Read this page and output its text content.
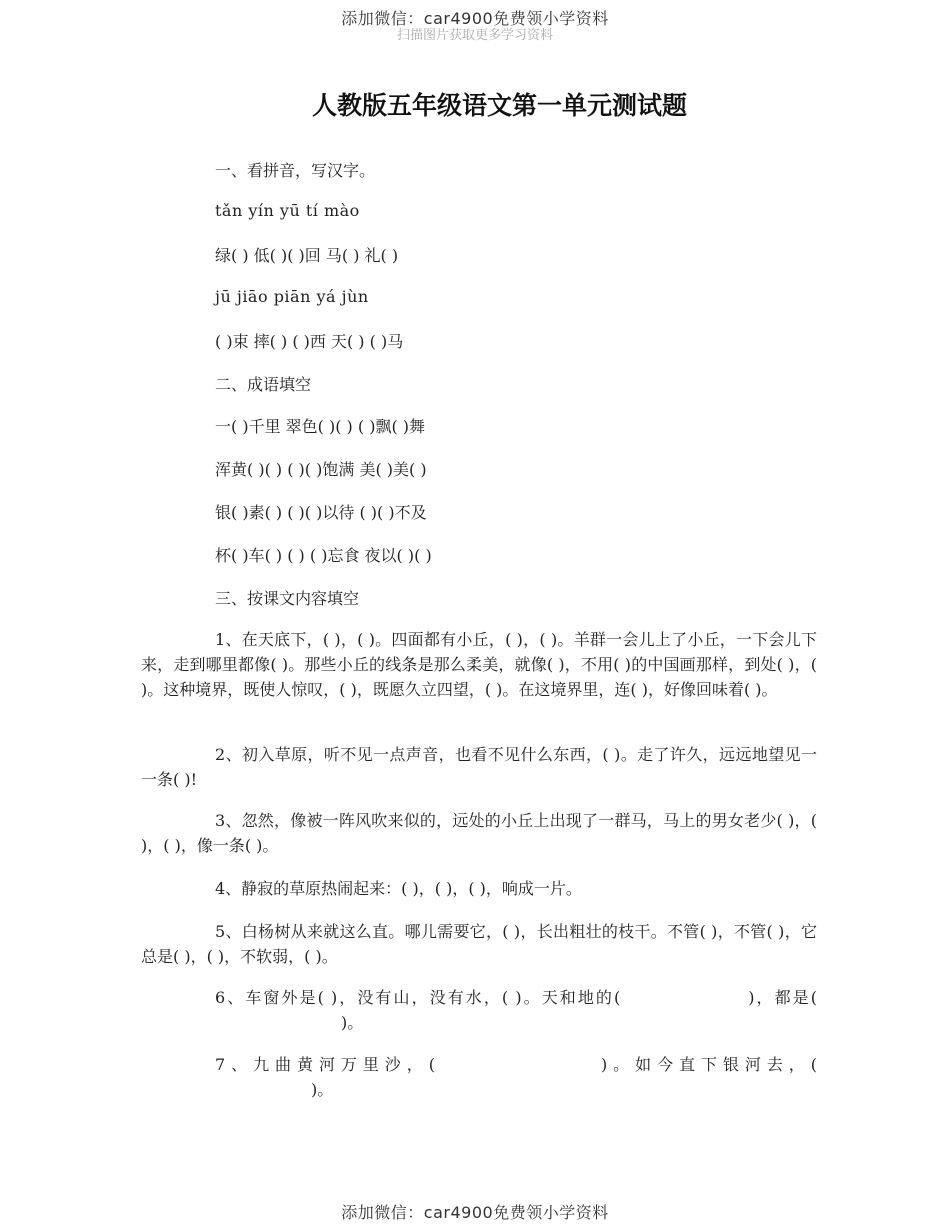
添加微信：car4900免费领小学资料
扫描图片获取更多学习资料
人教版五年级语文第一单元测试题
一、看拼音，写汉字。
tǎn yín yū tí mào
绿( ) 低( )( )回 马( ) 礼( )
jū jiāo piān yá jùn
( )束 摔( ) ( )西 天( ) ( )马
二、成语填空
一( )千里 翠色( )( ) ( )飘( )舞
浑黄( )( ) ( )( )饱满 美( )美( )
银( )素( ) ( )( )以待 ( )( )不及
杯( )车( ) ( ) ( )忘食 夜以( )( )
三、按课文内容填空
1、在天底下，( )，( )。四面都有小丘，( )，( )。羊群一会儿上了小丘，一下会儿下来，走到哪里都像( )。那些小丘的线条是那么柔美，就像( )，不用( )的中国画那样，到处( )，( )。这种境界，既使人惊叹，( )，既愿久立四望，( )。在这境界里，连( )，好像回味着( )。
2、初入草原，听不见一点声音，也看不见什么东西，( )。走了许久，远远地望见一一条( )!
3、忽然，像被一阵风吹来似的，远处的小丘上出现了一群马，马上的男女老少( )，( )，( )，像一条( )。
4、静寂的草原热闹起来：( )，( )，( )，响成一片。
5、白杨树从来就这么直。哪儿需要它，( )，长出粗壮的枝干。不管( )，不管( )，它总是( )，( )，不软弱，( )。
6、车窗外是( )，没有山，没有水，( )。天和地的(	)，都是()。
7、九曲黄河万里沙，(	)。如今直下银河去，()。
添加微信：car4900免费领小学资料
